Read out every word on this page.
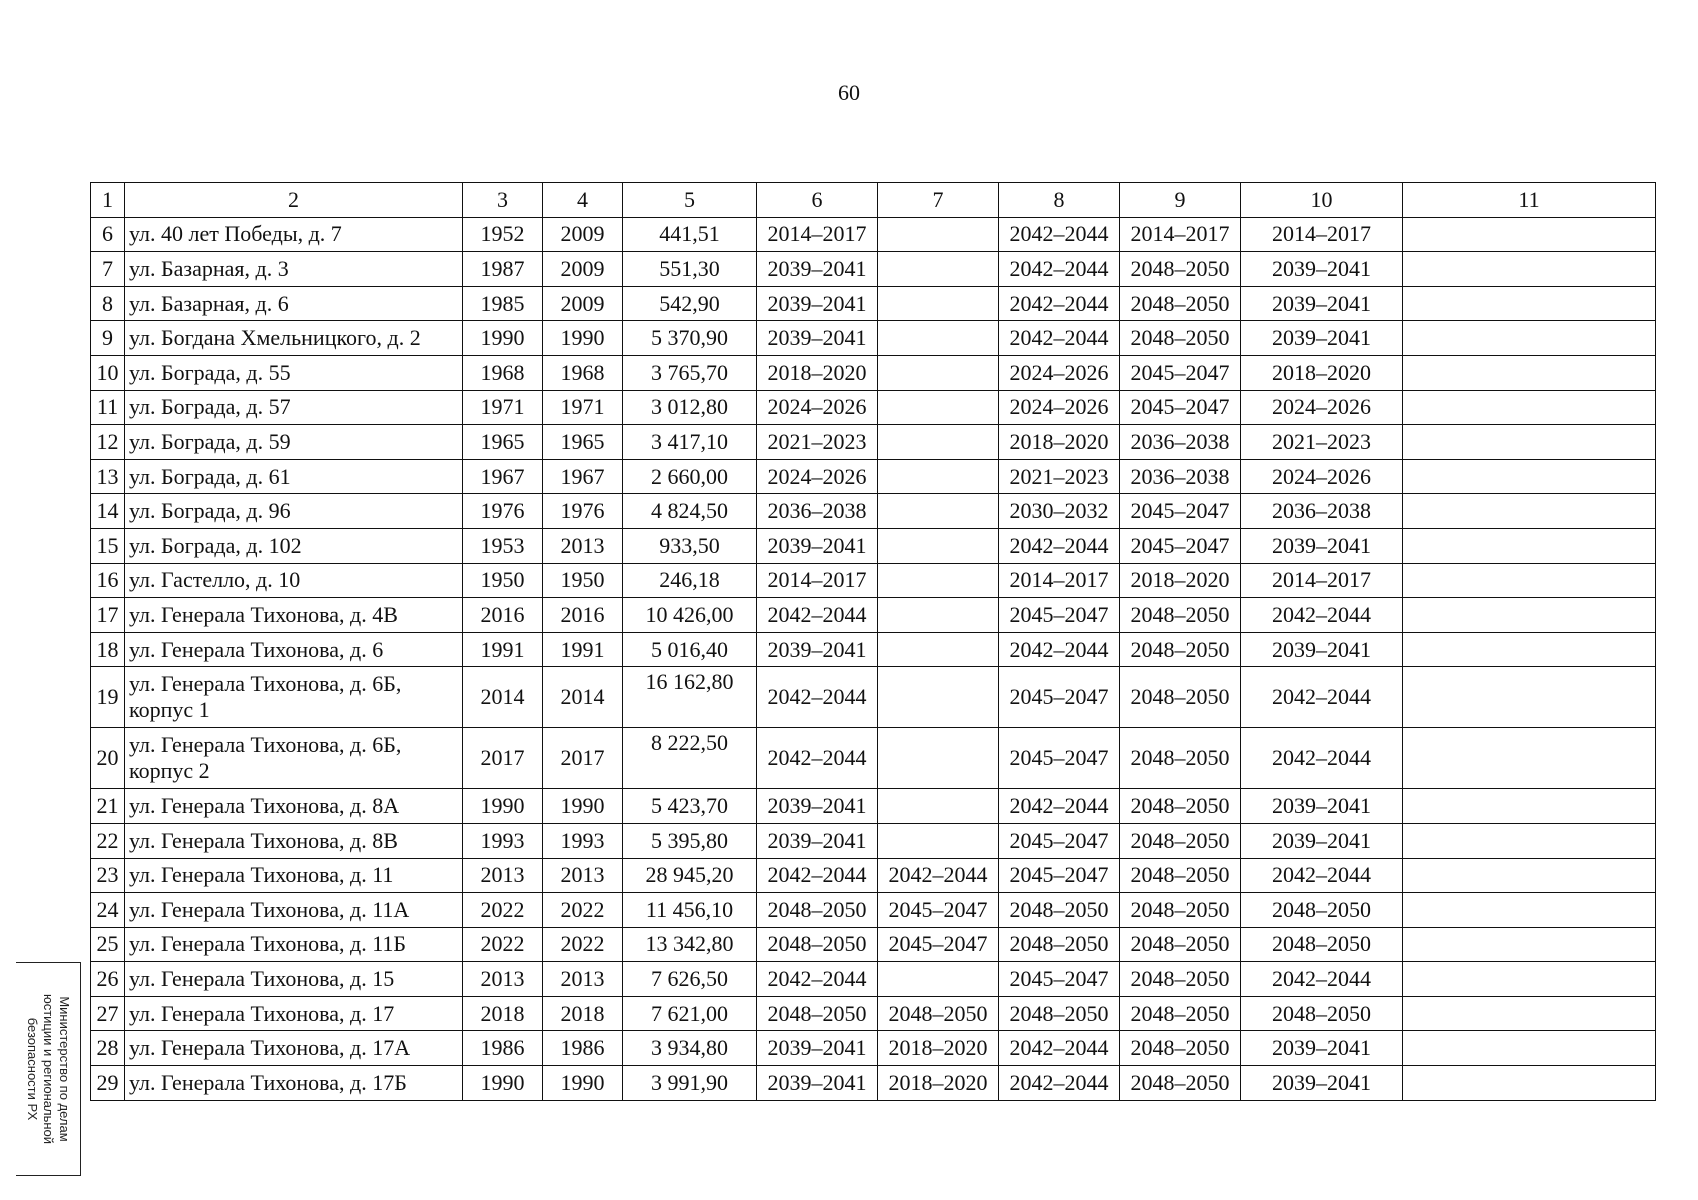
60
1	2	3	4	5	6	7	8	9	10	11
6	ул. 40 лет Победы, д. 7	1952	2009	441,51	2014–2017		2042–2044	2014–2017	2014–2017	
7	ул. Базарная, д. 3	1987	2009	551,30	2039–2041		2042–2044	2048–2050	2039–2041	
8	ул. Базарная, д. 6	1985	2009	542,90	2039–2041		2042–2044	2048–2050	2039–2041	
9	ул. Богдана Хмельницкого, д. 2	1990	1990	5 370,90	2039–2041		2042–2044	2048–2050	2039–2041	
10	ул. Бограда, д. 55	1968	1968	3 765,70	2018–2020		2024–2026	2045–2047	2018–2020	
11	ул. Бограда, д. 57	1971	1971	3 012,80	2024–2026		2024–2026	2045–2047	2024–2026	
12	ул. Бограда, д. 59	1965	1965	3 417,10	2021–2023		2018–2020	2036–2038	2021–2023	
13	ул. Бограда, д. 61	1967	1967	2 660,00	2024–2026		2021–2023	2036–2038	2024–2026	
14	ул. Бограда, д. 96	1976	1976	4 824,50	2036–2038		2030–2032	2045–2047	2036–2038	
15	ул. Бограда, д. 102	1953	2013	933,50	2039–2041		2042–2044	2045–2047	2039–2041	
16	ул. Гастелло, д. 10	1950	1950	246,18	2014–2017		2014–2017	2018–2020	2014–2017	
17	ул. Генерала Тихонова, д. 4В	2016	2016	10 426,00	2042–2044		2045–2047	2048–2050	2042–2044	
18	ул. Генерала Тихонова, д. 6	1991	1991	5 016,40	2039–2041		2042–2044	2048–2050	2039–2041	
19	ул. Генерала Тихонова, д. 6Б, корпус 1	2014	2014	16 162,80	2042–2044		2045–2047	2048–2050	2042–2044	
20	ул. Генерала Тихонова, д. 6Б, корпус 2	2017	2017	8 222,50	2042–2044		2045–2047	2048–2050	2042–2044	
21	ул. Генерала Тихонова, д. 8А	1990	1990	5 423,70	2039–2041		2042–2044	2048–2050	2039–2041	
22	ул. Генерала Тихонова, д. 8В	1993	1993	5 395,80	2039–2041		2045–2047	2048–2050	2039–2041	
23	ул. Генерала Тихонова, д. 11	2013	2013	28 945,20	2042–2044	2042–2044	2045–2047	2048–2050	2042–2044	
24	ул. Генерала Тихонова, д. 11А	2022	2022	11 456,10	2048–2050	2045–2047	2048–2050	2048–2050	2048–2050	
25	ул. Генерала Тихонова, д. 11Б	2022	2022	13 342,80	2048–2050	2045–2047	2048–2050	2048–2050	2048–2050	
26	ул. Генерала Тихонова, д. 15	2013	2013	7 626,50	2042–2044		2045–2047	2048–2050	2042–2044	
27	ул. Генерала Тихонова, д. 17	2018	2018	7 621,00	2048–2050	2048–2050	2048–2050	2048–2050	2048–2050	
28	ул. Генерала Тихонова, д. 17А	1986	1986	3 934,80	2039–2041	2018–2020	2042–2044	2048–2050	2039–2041	
29	ул. Генерала Тихонова, д. 17Б	1990	1990	3 991,90	2039–2041	2018–2020	2042–2044	2048–2050	2039–2041	
Министерство по делам
юстиции и региональной
безопасности РХ
